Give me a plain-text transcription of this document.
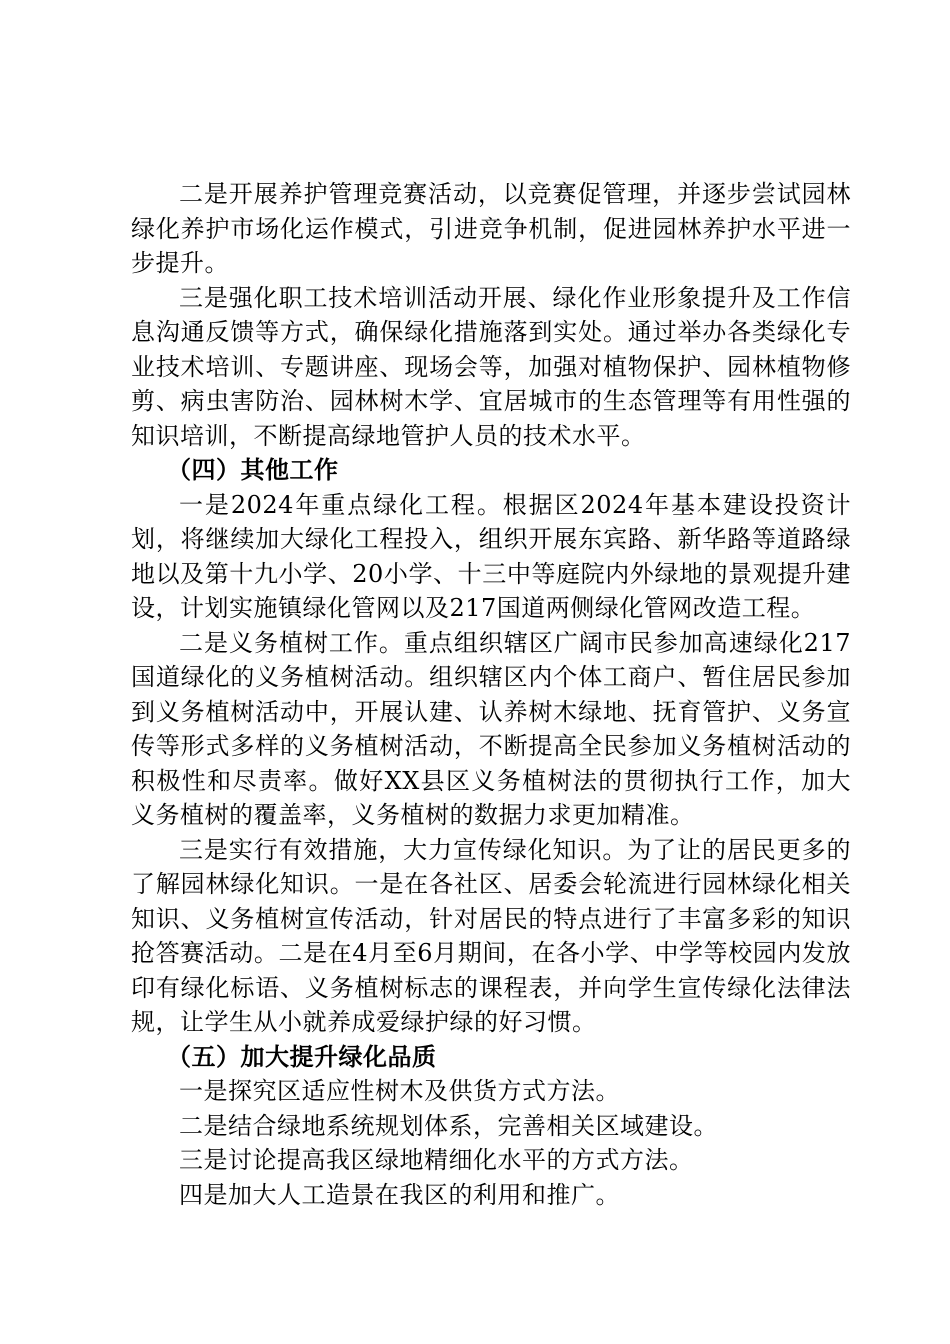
二是开展养护管理竞赛活动，以竞赛促管理，并逐步尝试园林绿化养护市场化运作模式，引进竞争机制，促进园林养护水平进一步提升。

三是强化职工技术培训活动开展、绿化作业形象提升及工作信息沟通反馈等方式，确保绿化措施落到实处。通过举办各类绿化专业技术培训、专题讲座、现场会等，加强对植物保护、园林植物修剪、病虫害防治、园林树木学、宜居城市的生态管理等有用性强的知识培训，不断提高绿地管护人员的技术水平。

（四）其他工作

一是2024年重点绿化工程。根据区2024年基本建设投资计划，将继续加大绿化工程投入，组织开展东宾路、新华路等道路绿地以及第十九小学、20小学、十三中等庭院内外绿地的景观提升建设，计划实施镇绿化管网以及217国道两侧绿化管网改造工程。

二是义务植树工作。重点组织辖区广阔市民参加高速绿化217国道绿化的义务植树活动。组织辖区内个体工商户、暂住居民参加到义务植树活动中，开展认建、认养树木绿地、抚育管护、义务宣传等形式多样的义务植树活动，不断提高全民参加义务植树活动的积极性和尽责率。做好XX县区义务植树法的贯彻执行工作，加大义务植树的覆盖率，义务植树的数据力求更加精准。

三是实行有效措施，大力宣传绿化知识。为了让的居民更多的了解园林绿化知识。一是在各社区、居委会轮流进行园林绿化相关知识、义务植树宣传活动，针对居民的特点进行了丰富多彩的知识抢答赛活动。二是在4月至6月期间，在各小学、中学等校园内发放印有绿化标语、义务植树标志的课程表，并向学生宣传绿化法律法规，让学生从小就养成爱绿护绿的好习惯。

（五）加大提升绿化品质

一是探究区适应性树木及供货方式方法。

二是结合绿地系统规划体系，完善相关区域建设。

三是讨论提高我区绿地精细化水平的方式方法。

四是加大人工造景在我区的利用和推广。
